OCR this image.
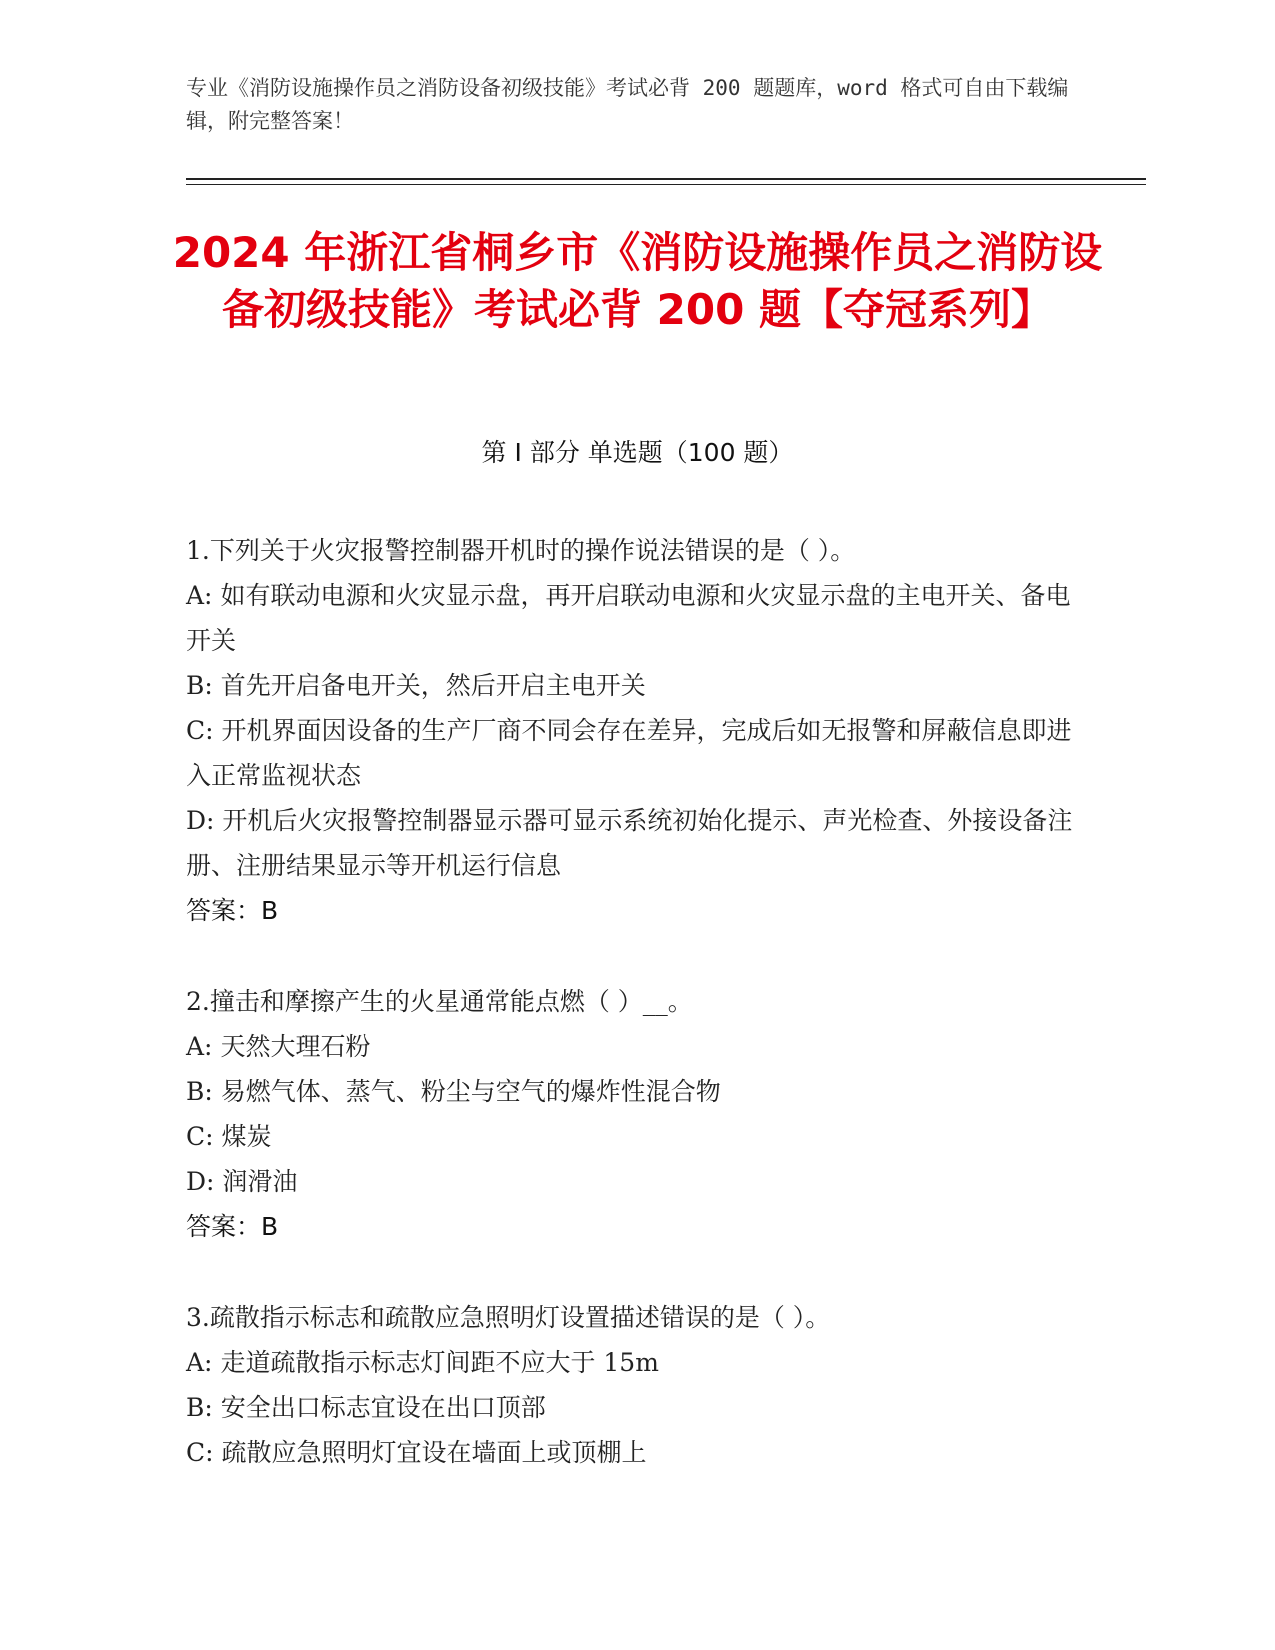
专业《消防设施操作员之消防设备初级技能》考试必背 200 题题库，word 格式可自由下载编辑，附完整答案！
2024 年浙江省桐乡市《消防设施操作员之消防设备初级技能》考试必背 200 题【夺冠系列】
第 I 部分 单选题（100 题）
1.下列关于火灾报警控制器开机时的操作说法错误的是（ ）。
A: 如有联动电源和火灾显示盘，再开启联动电源和火灾显示盘的主电开关、备电开关
B: 首先开启备电开关，然后开启主电开关
C: 开机界面因设备的生产厂商不同会存在差异，完成后如无报警和屏蔽信息即进入正常监视状态
D: 开机后火灾报警控制器显示器可显示系统初始化提示、声光检查、外接设备注册、注册结果显示等开机运行信息
答案：B
2.撞击和摩擦产生的火星通常能点燃（ ）__。
A: 天然大理石粉
B: 易燃气体、蒸气、粉尘与空气的爆炸性混合物
C: 煤炭
D: 润滑油
答案：B
3.疏散指示标志和疏散应急照明灯设置描述错误的是（ ）。
A: 走道疏散指示标志灯间距不应大于 15m
B: 安全出口标志宜设在出口顶部
C: 疏散应急照明灯宜设在墙面上或顶棚上
